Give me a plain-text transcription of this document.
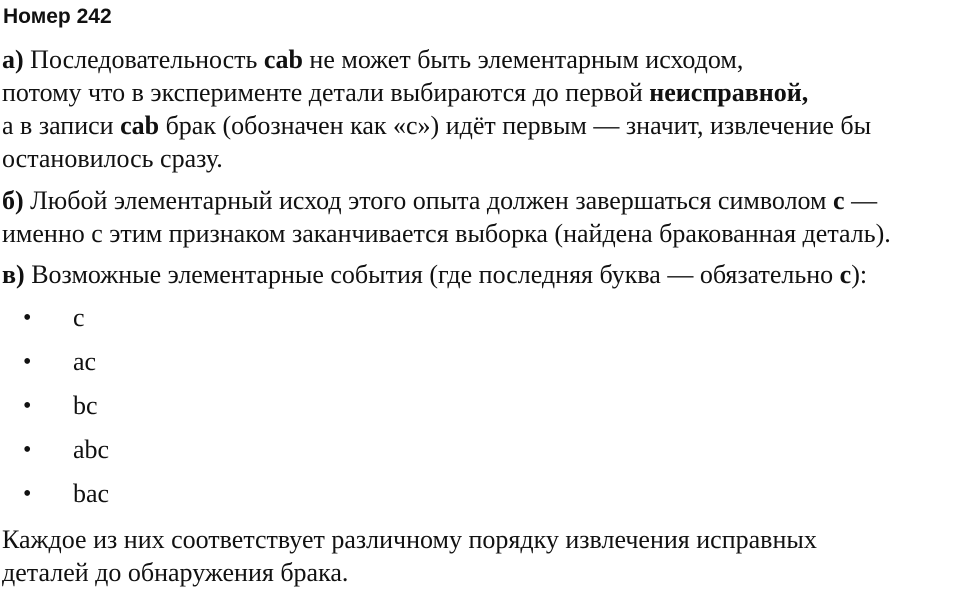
Номер 242
а) Последовательность cab не может быть элементарным исходом,
потому что в эксперименте детали выбираются до первой неисправной,
а в записи cab брак (обозначен как «с») идёт первым — значит, извлечение бы
остановилось сразу.
б) Любой элементарный исход этого опыта должен завершаться символом с —
именно с этим признаком заканчивается выборка (найдена бракованная деталь).
в) Возможные элементарные события (где последняя буква — обязательно с):
• c
• ac
• bc
• abc
• bac
Каждое из них соответствует различному порядку извлечения исправных
деталей до обнаружения брака.
